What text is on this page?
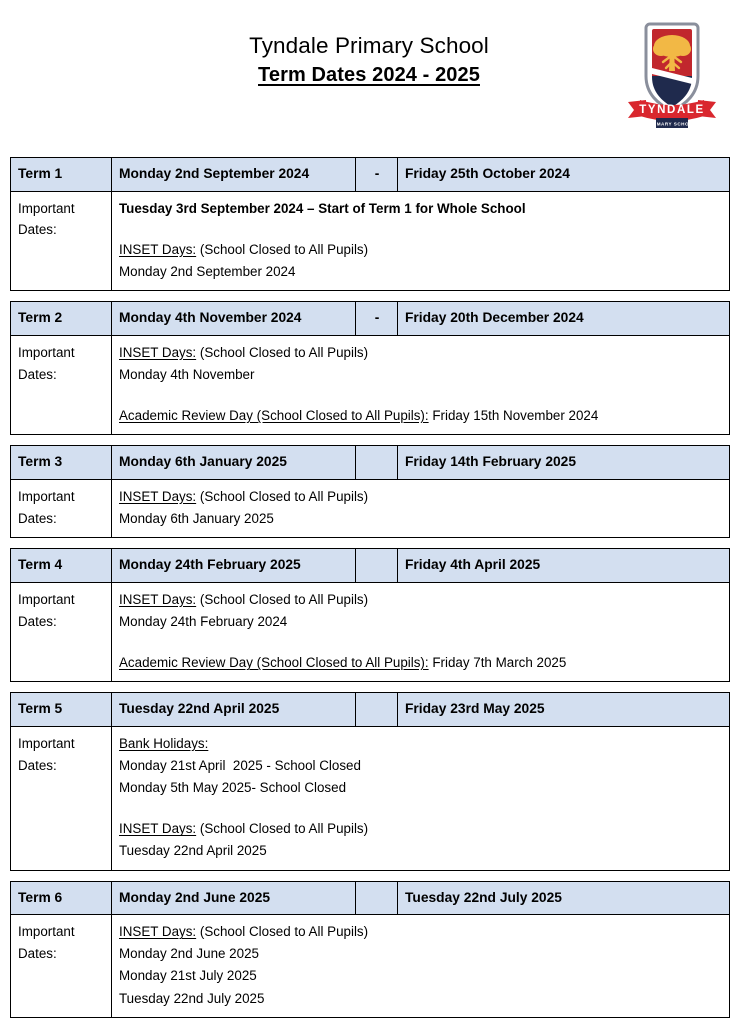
Tyndale Primary School
Term Dates 2024 - 2025
TYNDALE
PRIMARY SCHOOL
Term 1	Monday 2nd September 2024	-	Friday 25th October 2024

Important
Dates:	Tuesday 3rd September 2024 – Start of Term 1 for Whole School
INSET Days: (School Closed to All Pupils)
Monday 2nd September 2024		

Term 2	Monday 4th November 2024	-	Friday 20th December 2024

Important
Dates:	INSET Days: (School Closed to All Pupils)
Monday 4th November
Academic Review Day (School Closed to All Pupils): Friday 15th November 2024		

Term 3	Monday 6th January 2025		Friday 14th February 2025

Important
Dates:	INSET Days: (School Closed to All Pupils)
Monday 6th January 2025		

Term 4	Monday 24th February 2025		Friday 4th April 2025

Important
Dates:	INSET Days: (School Closed to All Pupils)
Monday 24th February 2024
Academic Review Day (School Closed to All Pupils): Friday 7th March 2025		

Term 5	Tuesday 22nd April 2025		Friday 23rd May 2025

Important
Dates:	Bank Holidays:
Monday 21st April  2025 - School Closed
Monday 5th May 2025- School Closed
INSET Days: (School Closed to All Pupils)
Tuesday 22nd April 2025		

Term 6	Monday 2nd June 2025		Tuesday 22nd July 2025

Important
Dates:	INSET Days: (School Closed to All Pupils)
Monday 2nd June 2025
Monday 21st July 2025
Tuesday 22nd July 2025		
